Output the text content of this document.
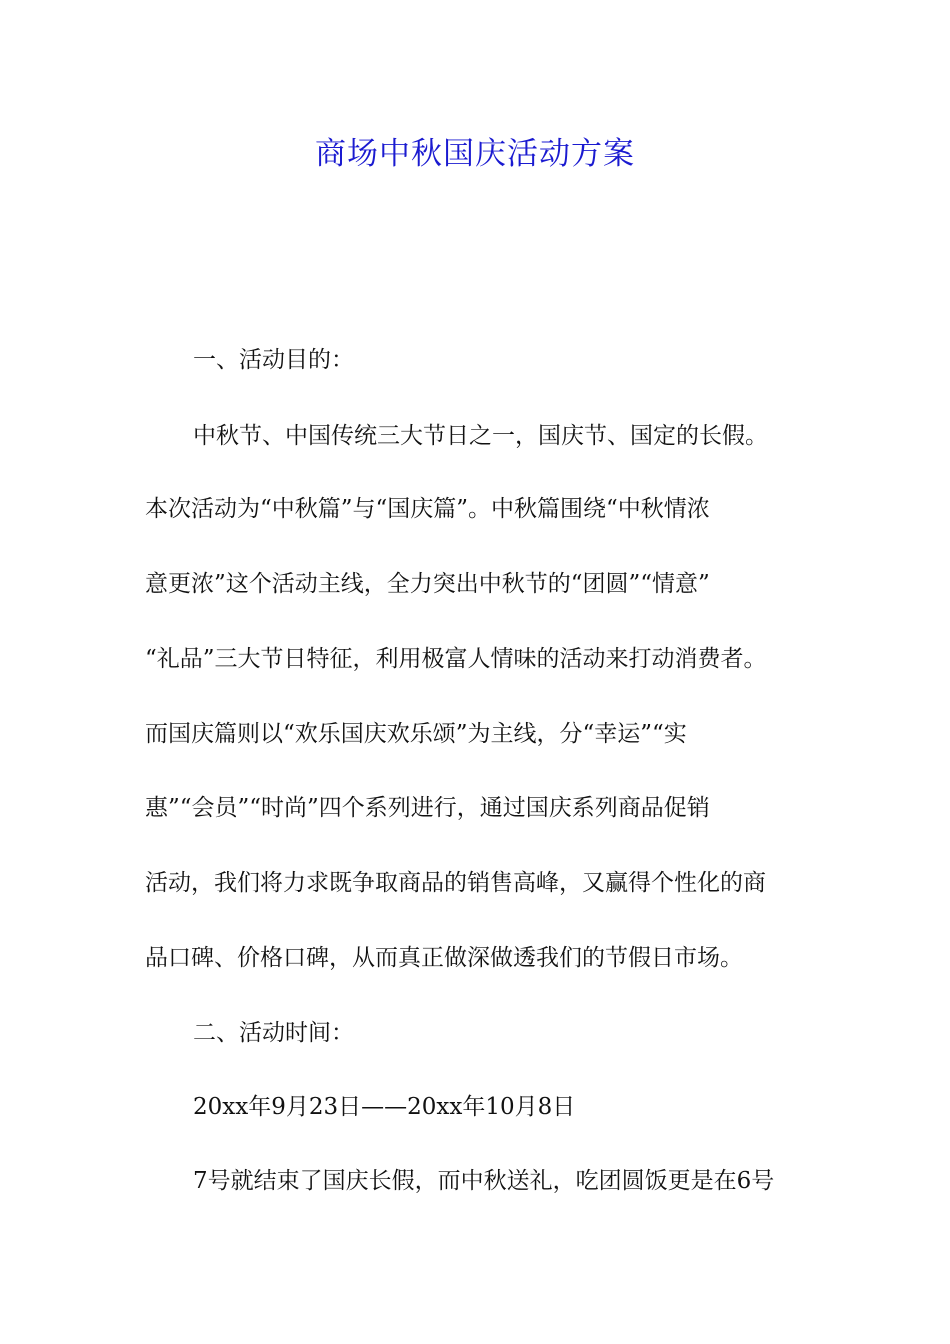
商场中秋国庆活动方案
一、活动目的：
中秋节、中国传统三大节日之一，国庆节、国定的长假。
本次活动为“中秋篇”与“国庆篇”。中秋篇围绕“中秋情浓
意更浓”这个活动主线，全力突出中秋节的“团圆”“情意”
“礼品”三大节日特征，利用极富人情味的活动来打动消费者。
而国庆篇则以“欢乐国庆欢乐颂”为主线，分“幸运”“实
惠”“会员”“时尚”四个系列进行，通过国庆系列商品促销
活动，我们将力求既争取商品的销售高峰，又赢得个性化的商
品口碑、价格口碑，从而真正做深做透我们的节假日市场。
二、活动时间：
20xx年9月23日——20xx年10月8日
7号就结束了国庆长假，而中秋送礼，吃团圆饭更是在6号
